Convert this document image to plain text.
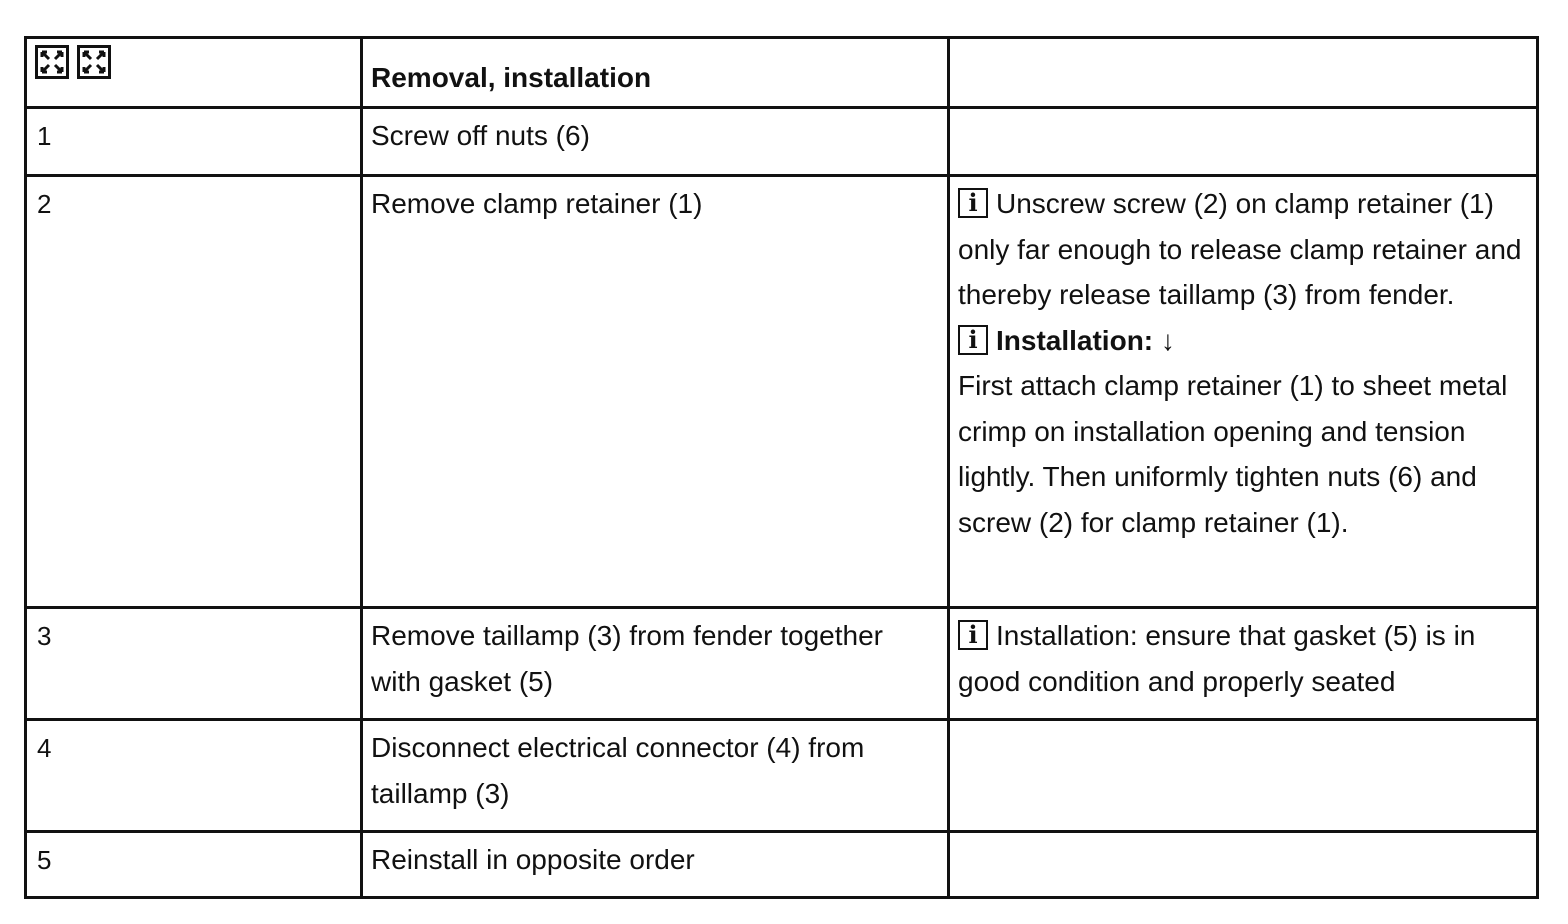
	Removal, installation	
1	Screw off nuts (6)	
2	Remove clamp retainer (1)	i Unscrew screw (2) on clamp retainer (1) only far enough to release clamp retainer and thereby release taillamp (3) from fender.
i Installation: ↓
First attach clamp retainer (1) to sheet metal crimp on installation opening and tension lightly. Then uniformly tighten nuts (6) and screw (2) for clamp retainer (1).

3	Remove taillamp (3) from fender together with gasket (5)	i Installation: ensure that gasket (5) is in good condition and properly seated

4	Disconnect electrical connector (4) from taillamp (3)	
5	Reinstall in opposite order	
